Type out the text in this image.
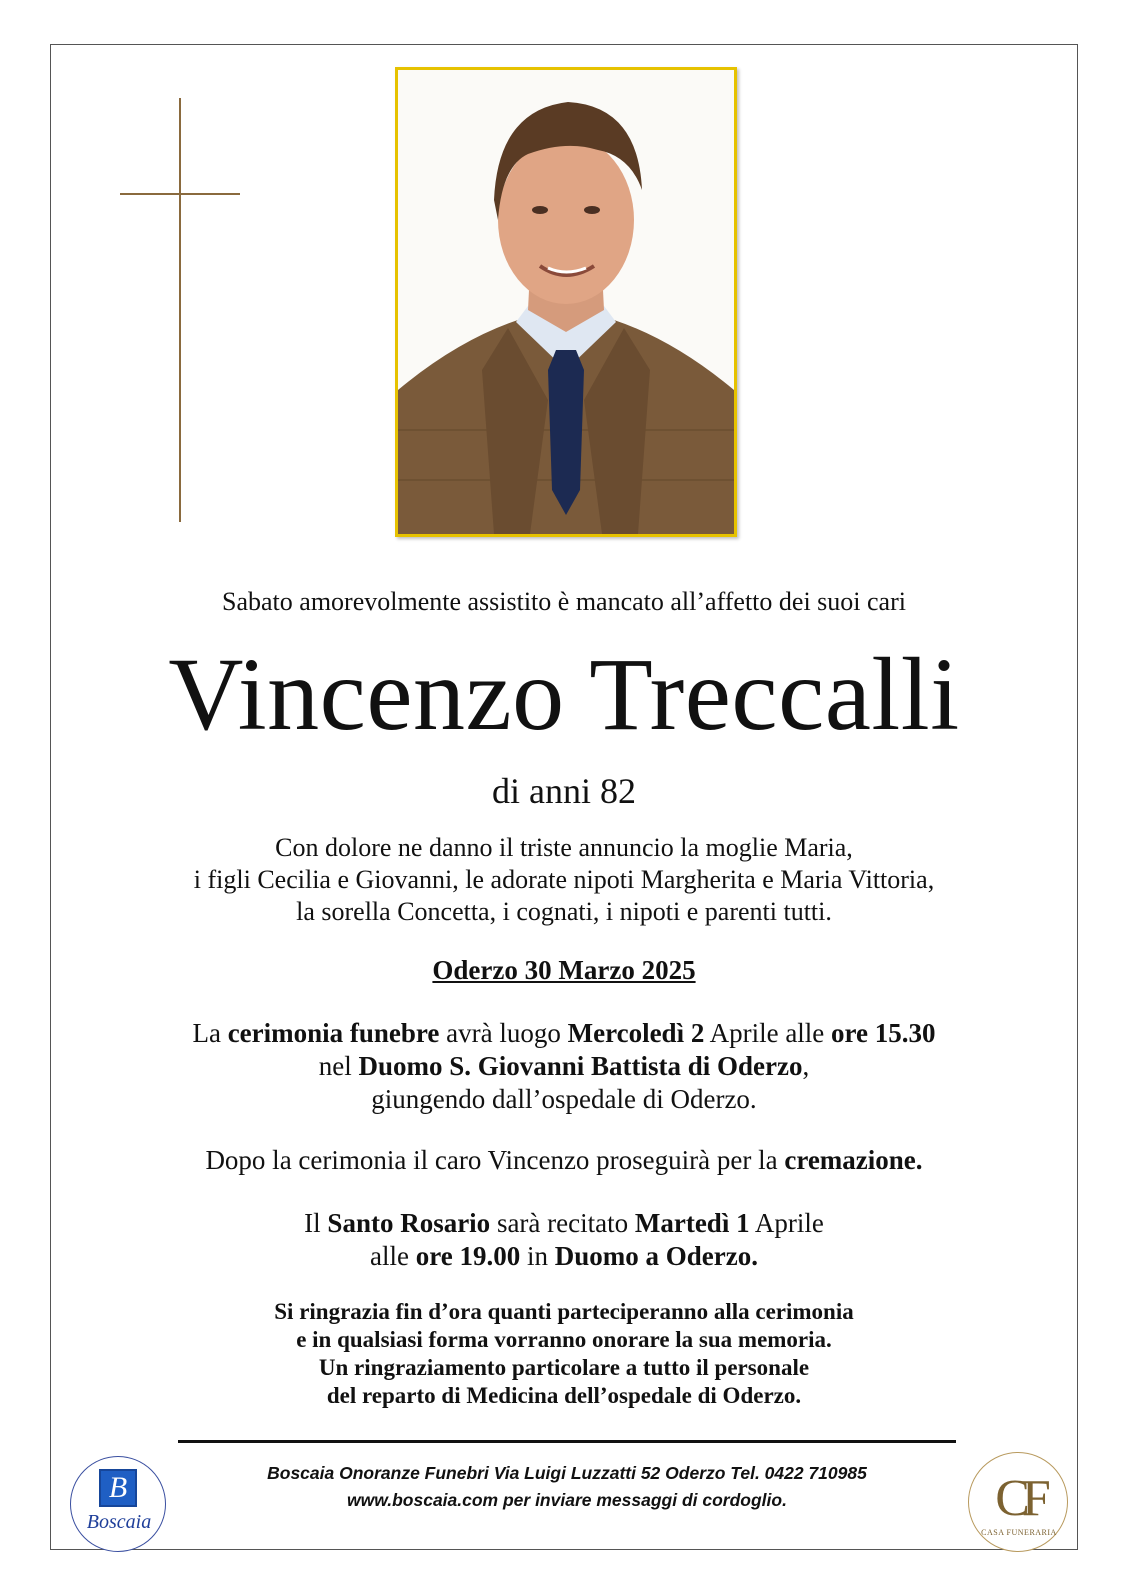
Sabato amorevolmente assistito è mancato all’affetto dei suoi cari
Vincenzo Treccalli
di anni 82
Con dolore ne danno il triste annuncio la moglie Maria,
i figli Cecilia e Giovanni, le adorate nipoti Margherita e Maria Vittoria,
la sorella Concetta, i cognati, i nipoti e parenti tutti.
Oderzo 30 Marzo 2025
La cerimonia funebre avrà luogo Mercoledì 2 Aprile alle ore 15.30
nel Duomo S. Giovanni Battista di Oderzo,
giungendo dall’ospedale di Oderzo.
Dopo la cerimonia il caro Vincenzo proseguirà per la cremazione.
Il Santo Rosario sarà recitato Martedì 1 Aprile
alle ore 19.00 in Duomo a Oderzo.
Si ringrazia fin d’ora quanti parteciperanno alla cerimonia
e in qualsiasi forma vorranno onorare la sua memoria.
Un ringraziamento particolare a tutto il personale
del reparto di Medicina dell’ospedale di Oderzo.
B
Boscaia
Boscaia Onoranze Funebri Via Luigi Luzzatti 52 Oderzo Tel. 0422 710985
www.boscaia.com per inviare messaggi di cordoglio.	CF
CASA FUNERARIA
